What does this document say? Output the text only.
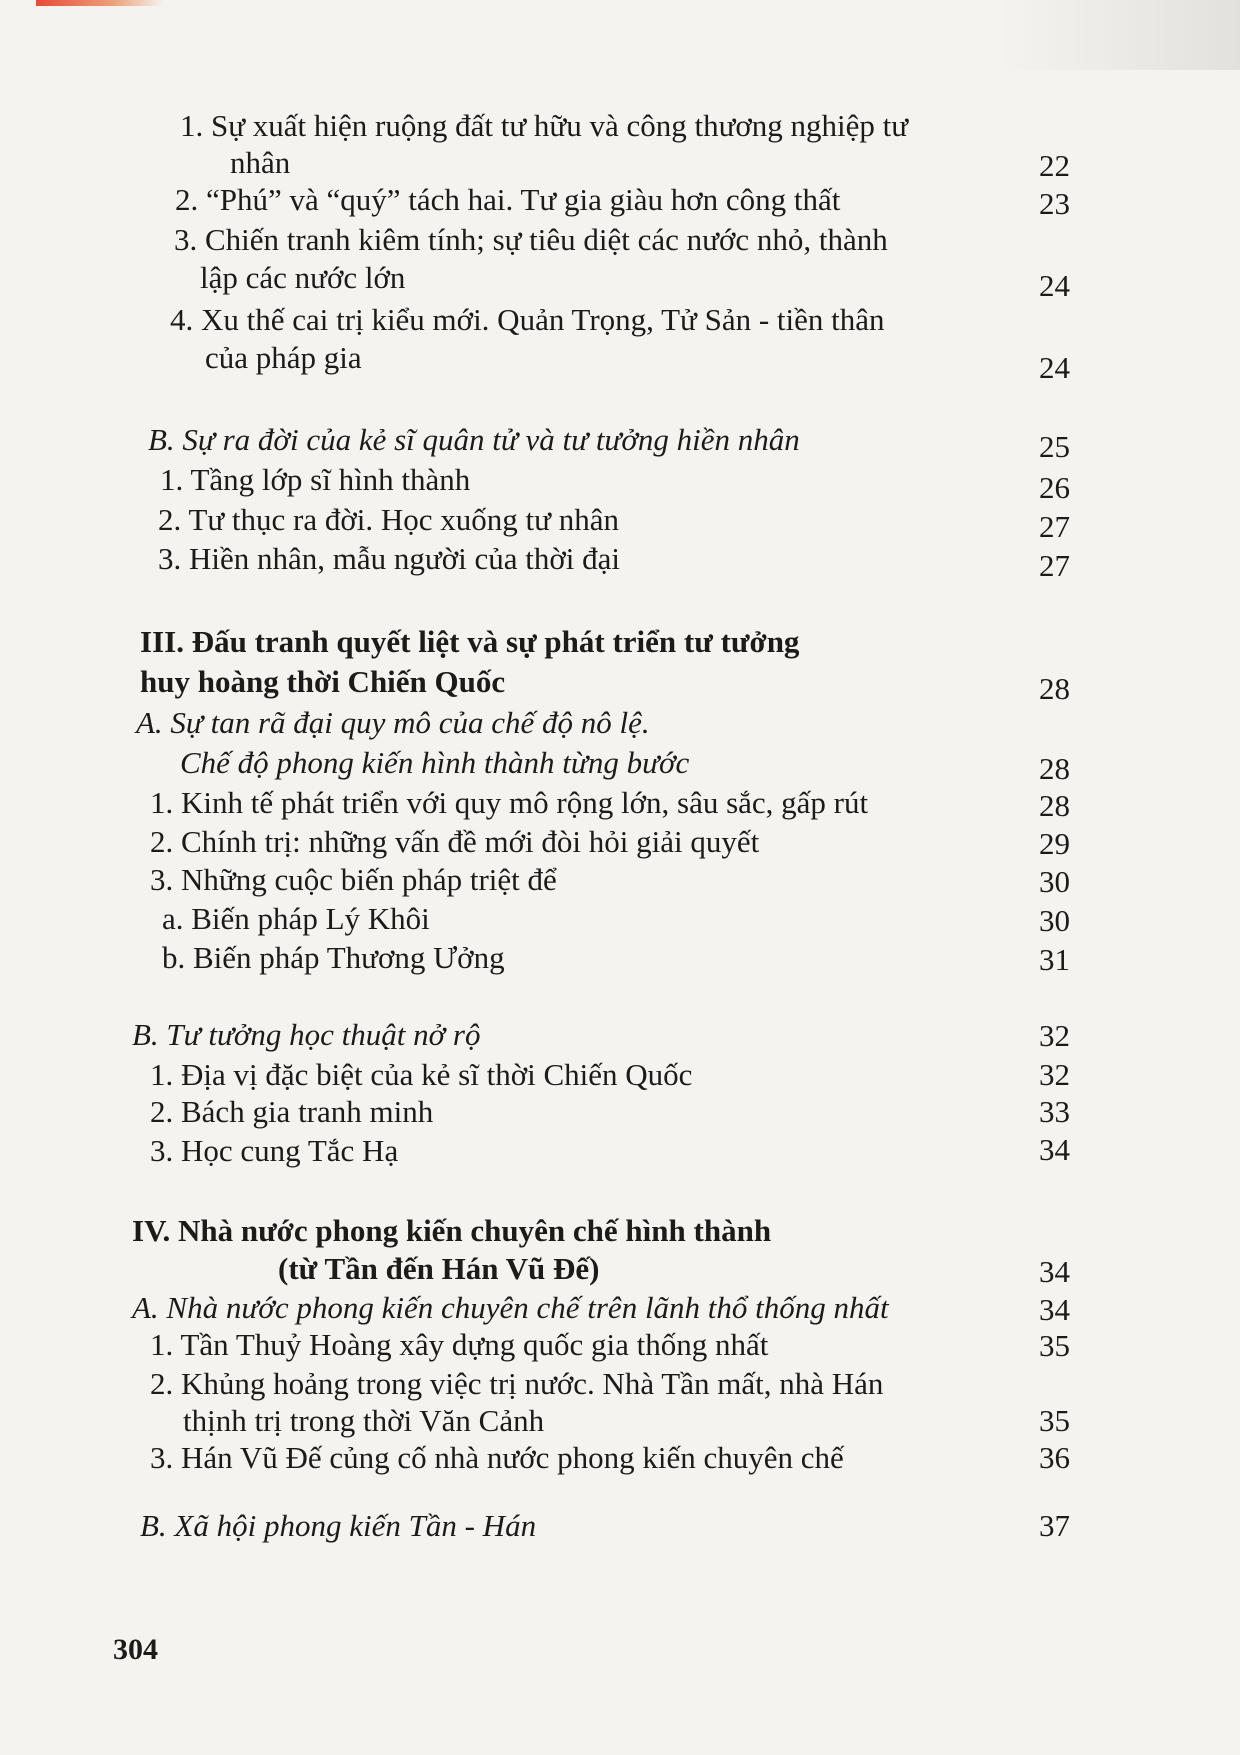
1. Sự xuất hiện ruộng đất tư hữu và công thương nghiệp tư

nhân	22

2. “Phú” và “quý” tách hai. Tư gia giàu hơn công thất	23

3. Chiến tranh kiêm tính; sự tiêu diệt các nước nhỏ, thành

lập các nước lớn	24

4. Xu thế cai trị kiểu mới. Quản Trọng, Tử Sản - tiền thân

của pháp gia	24

B. Sự ra đời của kẻ sĩ quân tử và tư tưởng hiền nhân	25

1. Tầng lớp sĩ hình thành	26

2. Tư thục ra đời. Học xuống tư nhân	27

3. Hiền nhân, mẫu người của thời đại	27

III. Đấu tranh quyết liệt và sự phát triển tư tưởng

huy hoàng thời Chiến Quốc	28

A. Sự tan rã đại quy mô của chế độ nô lệ.

Chế độ phong kiến hình thành từng bước	28

1. Kinh tế phát triển với quy mô rộng lớn, sâu sắc, gấp rút	28

2. Chính trị: những vấn đề mới đòi hỏi giải quyết	29

3. Những cuộc biến pháp triệt để	30

a. Biến pháp Lý Khôi	30

b. Biến pháp Thương Ưởng	31

B. Tư tưởng học thuật nở rộ	32

1. Địa vị đặc biệt của kẻ sĩ thời Chiến Quốc	32

2. Bách gia tranh minh	33

3. Học cung Tắc Hạ	34

IV. Nhà nước phong kiến chuyên chế hình thành

(từ Tần đến Hán Vũ Đế)	34

A. Nhà nước phong kiến chuyên chế trên lãnh thổ thống nhất	34

1. Tần Thuỷ Hoàng xây dựng quốc gia thống nhất	35

2. Khủng hoảng trong việc trị nước. Nhà Tần mất, nhà Hán

thịnh trị trong thời Văn Cảnh	35

3. Hán Vũ Đế củng cố nhà nước phong kiến chuyên chế	36

B. Xã hội phong kiến Tần - Hán	37

304
